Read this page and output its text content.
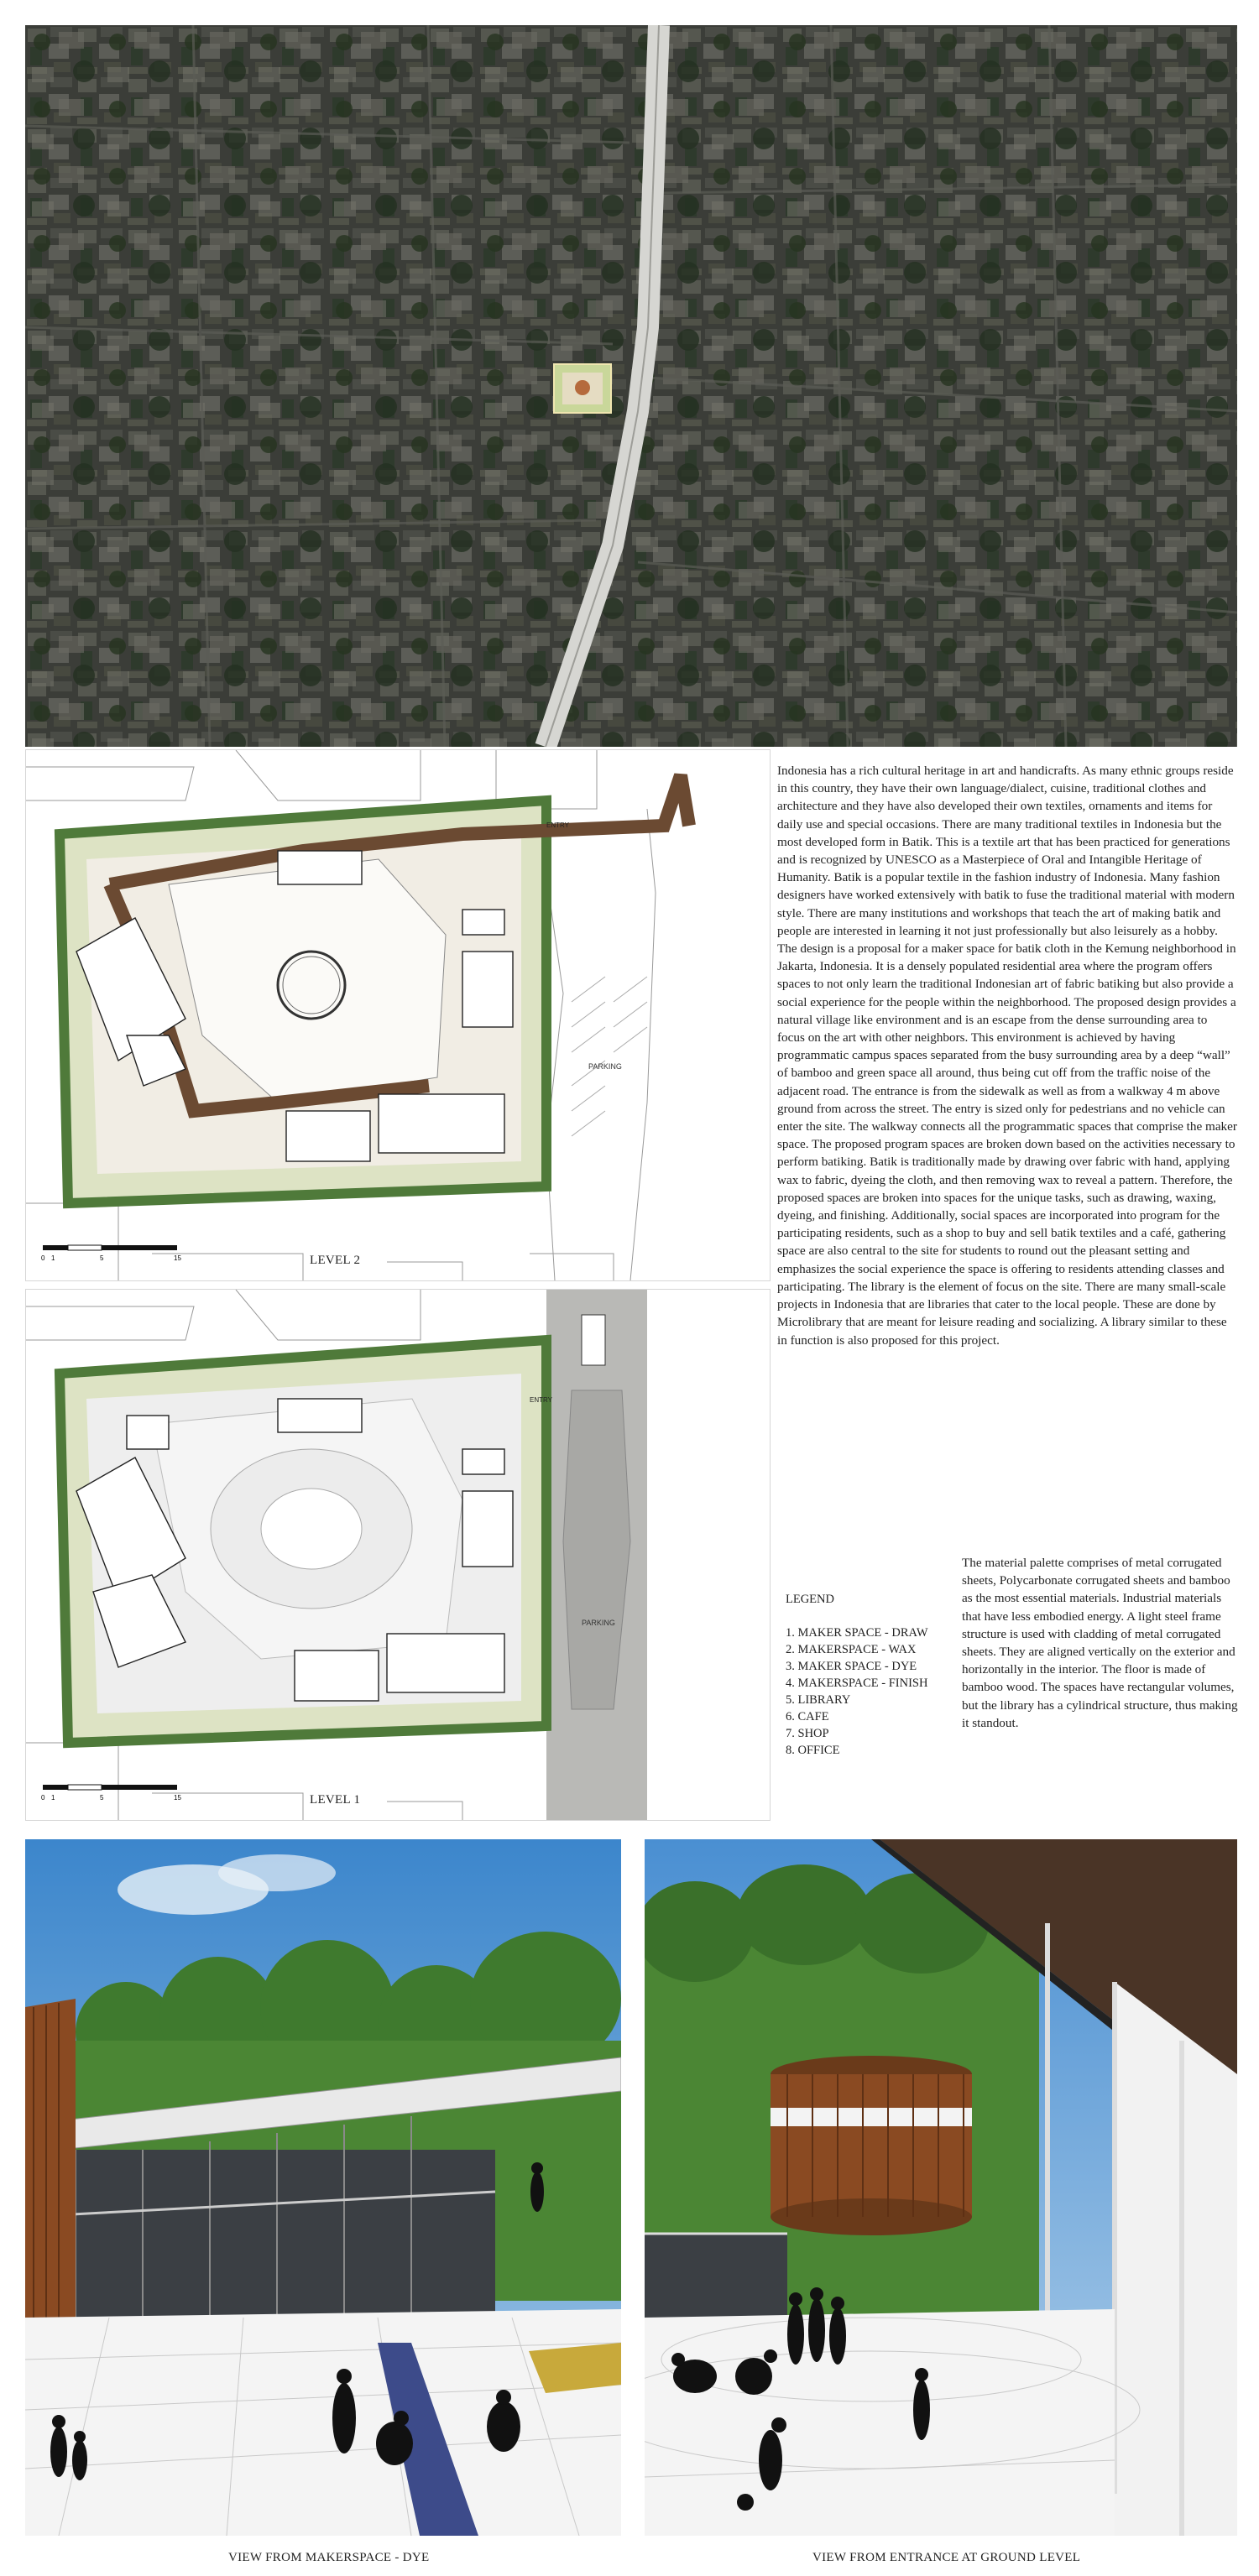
PARKING
ENTRY
0 1	5	15	LEVEL 2
PARKING
ENTRY
0 1	5	15	LEVEL 1

Indonesia has a rich cultural heritage in art and handicrafts. As many ethnic groups reside in this country, they have their own language/dialect, cuisine, traditional clothes and architecture and they have also developed their own textiles, ornaments and items for daily use and special occasions. There are many traditional textiles in Indonesia but the most developed form in Batik. This is a textile art that has been practiced for generations and is recognized by UNESCO as a Masterpiece of Oral and Intangible Heritage of Humanity. Batik is a popular textile in the fashion industry of Indonesia. Many fashion designers have worked extensively with batik to fuse the traditional material with modern style. There are many institutions and workshops that teach the art of making batik and people are interested in learning it not just professionally but also leisurely as a hobby.

The design is a proposal for a maker space for batik cloth in the Kemung neighborhood in Jakarta, Indonesia. It is a densely populated residential area where the program offers spaces to not only learn the traditional Indonesian art of fabric batiking but also provide a social experience for the people within the neighborhood. The proposed design provides a natural village like environment and is an escape from the dense surrounding area to focus on the art with other neighbors. This environment is achieved by having programmatic campus spaces separated from the busy surrounding area by a deep “wall” of bamboo and green space all around, thus being cut off from the traffic noise of the adjacent road. The entrance is from the sidewalk as well as from a walkway 4 m above ground from across the street. The entry is sized only for pedestrians and no vehicle can enter the site. The walkway connects all the programmatic spaces that comprise the maker space. The proposed program spaces are broken down based on the activities necessary to perform batiking. Batik is traditionally made by drawing over fabric with hand, applying wax to fabric, dyeing the cloth, and then removing wax to reveal a pattern. Therefore, the proposed spaces are broken into spaces for the unique tasks, such as drawing, waxing, dyeing, and finishing. Additionally, social spaces are incorporated into program for the participating residents, such as a shop to buy and sell batik textiles and a café, gathering space are also central to the site for students to round out the pleasant setting and emphasizes the social experience the space is offering to residents attending classes and participating. The library is the element of focus on the site. There are many small-scale projects in Indonesia that are libraries that cater to the local people. These are done by Microlibrary that are meant for leisure reading and socializing. A library similar to these in function is also proposed for this project.

LEGEND
1. MAKER SPACE - DRAW
2. MAKERSPACE - WAX
3. MAKER SPACE - DYE
4. MAKERSPACE - FINISH
5. LIBRARY
6. CAFE
7. SHOP
8. OFFICE
The material palette comprises of metal corrugated sheets, Polycarbonate corrugated sheets and bamboo as the most essential materials. Industrial materials that have less embodied energy. A light steel frame structure is used with cladding of metal corrugated sheets. They are aligned vertically on the exterior and horizontally in the interior. The floor is made of bamboo wood. The spaces have rectangular volumes, but the library has a cylindrical structure, thus making it standout.
VIEW FROM MAKERSPACE - DYE	VIEW FROM ENTRANCE AT GROUND LEVEL
